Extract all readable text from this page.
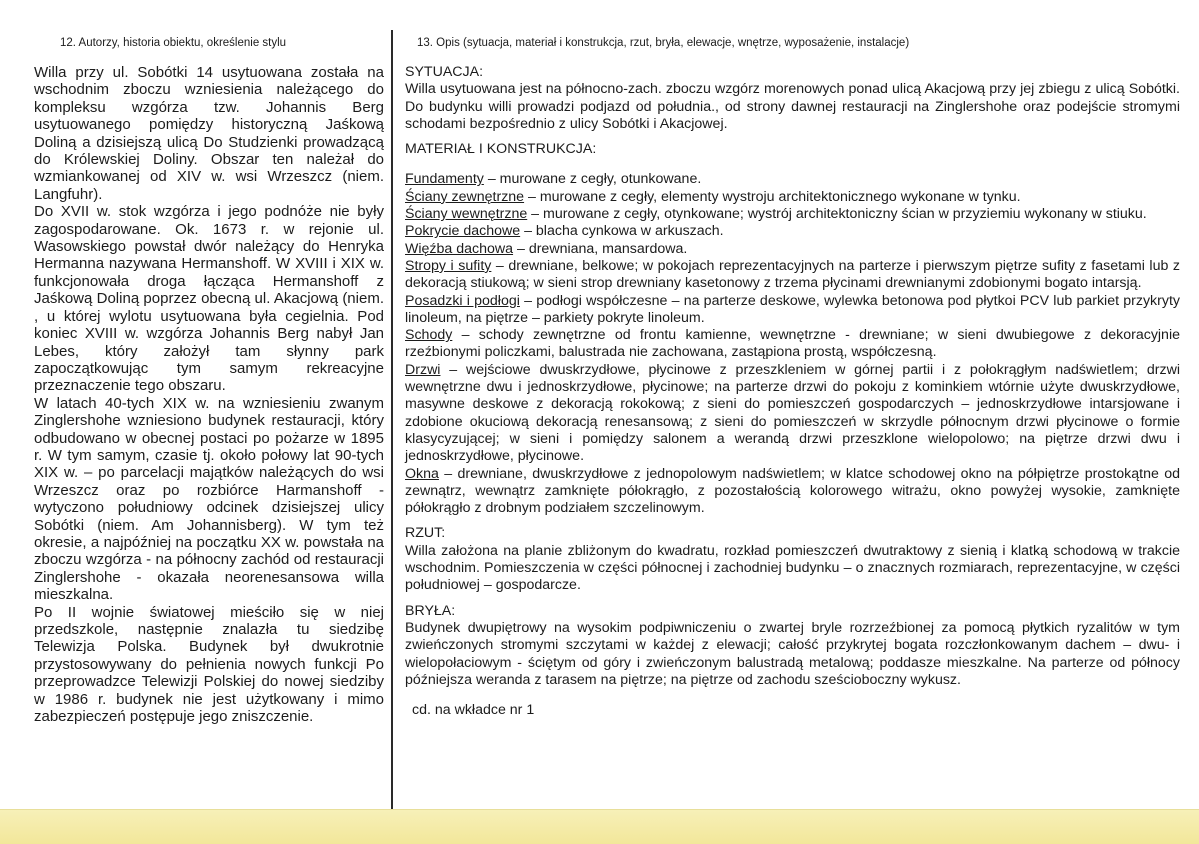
12. Autorzy, historia obiektu, określenie stylu

Willa przy ul. Sobótki 14 usytuowana została na wschodnim zboczu wzniesienia należącego do kompleksu wzgórza tzw. Johannis Berg usytuowanego pomiędzy historyczną Jaśkową Doliną a dzisiejszą ulicą Do Studzienki prowadzącą do Królewskiej Doliny. Obszar ten należał do wzmiankowanej od XIV w. wsi Wrzeszcz (niem. Langfuhr).

Do XVII w. stok wzgórza i jego podnóże nie były zagospodarowane. Ok. 1673 r. w rejonie ul. Wasowskiego powstał dwór należący do Henryka Hermanna nazywana Hermanshoff. W XVIII i XIX w. funkcjonowała droga łącząca Hermanshoff z Jaśkową Doliną poprzez obecną ul. Akacjową (niem. , u której wylotu usytuowana była cegielnia. Pod koniec XVIII w. wzgórza Johannis Berg nabył Jan Lebes, który założył tam słynny park zapoczątkowując tym samym rekreacyjne przeznaczenie tego obszaru.

W latach 40-tych XIX w. na wzniesieniu zwanym Zinglershohe wzniesiono budynek restauracji, który odbudowano w obecnej postaci po pożarze w 1895 r. W tym samym, czasie tj. około połowy lat 90-tych XIX w. – po parcelacji majątków należących do wsi Wrzeszcz oraz po rozbiórce Harmanshoff - wytyczono południowy odcinek dzisiejszej ulicy Sobótki (niem. Am Johannisberg). W tym też okresie, a najpóźniej na początku XX w. powstała na zboczu wzgórza - na północny zachód od restauracji Zinglershohe - okazała neorenesansowa willa mieszkalna.

Po II wojnie światowej mieściło się w niej przedszkole, następnie znalazła tu siedzibę Telewizja Polska. Budynek był dwukrotnie przystosowywany do pełnienia nowych funkcji Po przeprowadzce Telewizji Polskiej do nowej siedziby w 1986 r. budynek nie jest użytkowany i mimo zabezpieczeń postępuje jego zniszczenie.

13. Opis (sytuacja, materiał i konstrukcja, rzut, bryła, elewacje, wnętrze, wyposażenie, instalacje)

SYTUACJA:

Willa usytuowana jest na północno-zach. zboczu wzgórz morenowych ponad ulicą Akacjową przy jej zbiegu z ulicą Sobótki. Do budynku willi prowadzi podjazd od południa., od strony dawnej restauracji na Zinglershohe oraz podejście stromymi schodami bezpośrednio z ulicy Sobótki i Akacjowej.

MATERIAŁ I KONSTRUKCJA:

Fundamenty – murowane z cegły, otunkowane.

Ściany zewnętrzne – murowane z cegły, elementy wystroju architektonicznego wykonane w tynku.

Ściany wewnętrzne – murowane z cegły, otynkowane; wystrój architektoniczny ścian w przyziemiu wykonany w stiuku.

Pokrycie dachowe – blacha cynkowa w arkuszach.

Więźba dachowa – drewniana, mansardowa.

Stropy i sufity – drewniane, belkowe; w pokojach reprezentacyjnych na parterze i pierwszym piętrze sufity z fasetami lub z dekoracją stiukową; w sieni strop drewniany kasetonowy z trzema płycinami drewnianymi zdobionymi bogato intarsją.

Posadzki i podłogi – podłogi współczesne – na parterze deskowe, wylewka betonowa pod płytkoi PCV lub parkiet przykryty linoleum, na piętrze – parkiety pokryte linoleum.

Schody – schody zewnętrzne od frontu kamienne, wewnętrzne - drewniane; w sieni dwubiegowe z dekoracyjnie rzeźbionymi policzkami, balustrada nie zachowana, zastąpiona prostą, współczesną.

Drzwi – wejściowe dwuskrzydłowe, płycinowe z przeszkleniem w górnej partii i z połokrągłym nadświetlem; drzwi wewnętrzne dwu i jednoskrzydłowe, płycinowe; na parterze drzwi do pokoju z kominkiem wtórnie użyte dwuskrzydłowe, masywne deskowe z dekoracją rokokową; z sieni do pomieszczeń gospodarczych – jednoskrzydłowe intarsjowane i zdobione okuciową dekoracją renesansową; z sieni do pomieszczeń w skrzydle północnym drzwi płycinowe o formie klasycyzującej; w sieni i pomiędzy salonem a werandą drzwi przeszklone wielopolowo; na piętrze drzwi dwu i jednoskrzydłowe, płycinowe.

Okna – drewniane, dwuskrzydłowe z jednopolowym nadświetlem; w klatce schodowej okno na półpiętrze prostokątne od zewnątrz, wewnątrz zamknięte półokrągło, z pozostałością kolorowego witrażu, okno powyżej wysokie, zamknięte półokrągło z drobnym podziałem szczelinowym.

RZUT:

Willa założona na planie zbliżonym do kwadratu, rozkład pomieszczeń dwutraktowy z sienią i klatką schodową w trakcie wschodnim. Pomieszczenia w części północnej i zachodniej budynku – o znacznych rozmiarach, reprezentacyjne, w części południowej – gospodarcze.

BRYŁA:

Budynek dwupiętrowy na wysokim podpiwniczeniu o zwartej bryle rozrzeźbionej za pomocą płytkich ryzalitów w tym zwieńczonych stromymi szczytami w każdej z elewacji; całość przykrytej bogata rozczłonkowanym dachem – dwu- i wielopołaciowym - ściętym od góry i zwieńczonym balustradą metalową; poddasze mieszkalne. Na parterze od północy późniejsza weranda z tarasem na piętrze; na piętrze od zachodu sześcioboczny wykusz.

cd. na wkładce nr 1
